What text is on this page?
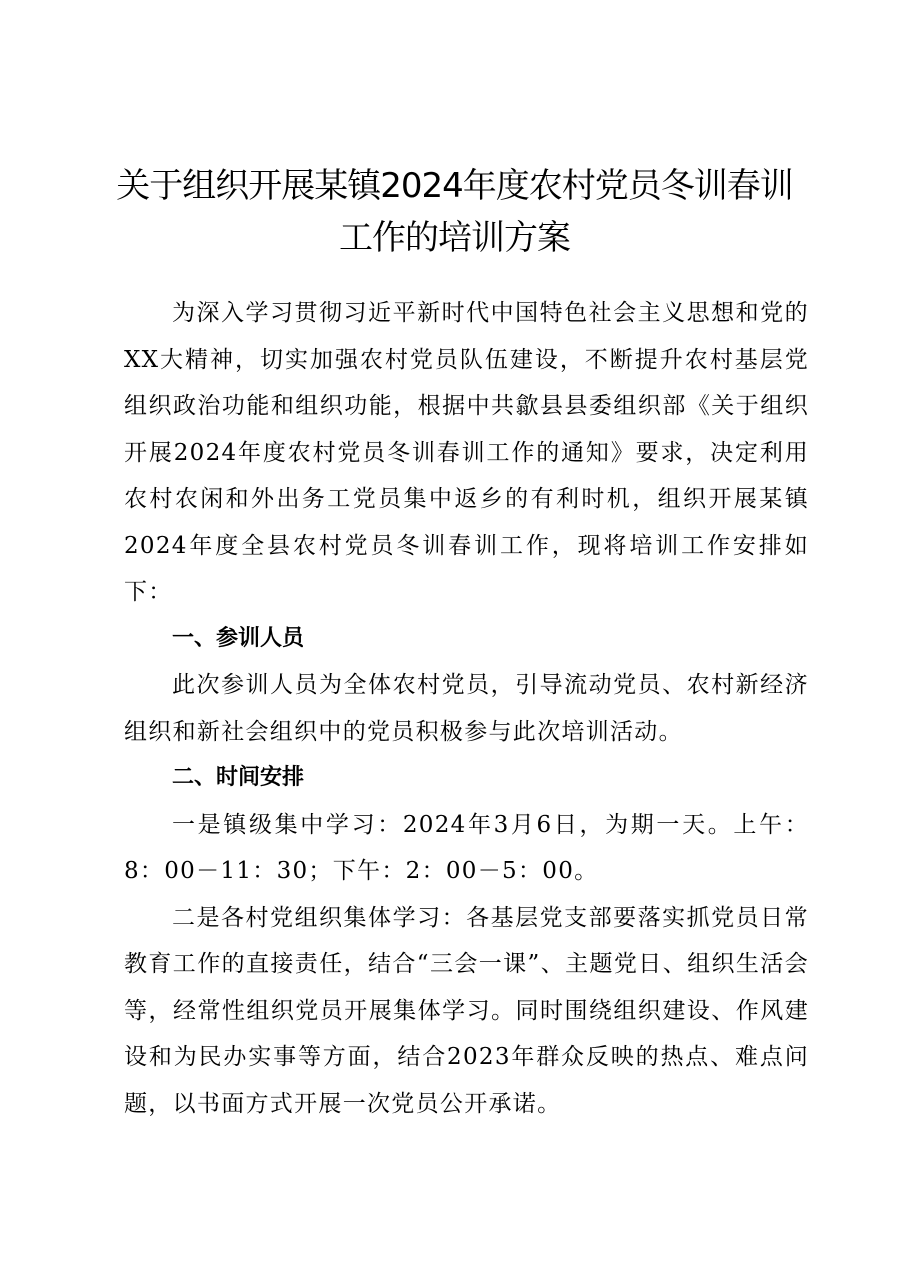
关于组织开展某镇2024年度农村党员冬训春训
工作的培训方案

为深入学习贯彻习近平新时代中国特色社会主义思想和党的XX大精神，切实加强农村党员队伍建设，不断提升农村基层党组织政治功能和组织功能，根据中共歙县县委组织部《关于组织开展2024年度农村党员冬训春训工作的通知》要求，决定利用农村农闲和外出务工党员集中返乡的有利时机，组织开展某镇2024年度全县农村党员冬训春训工作，现将培训工作安排如下：

一、参训人员

此次参训人员为全体农村党员，引导流动党员、农村新经济组织和新社会组织中的党员积极参与此次培训活动。

二、时间安排

一是镇级集中学习：2024年3月6日，为期一天。上午：8：00－11：30；下午：2：00－5：00。

二是各村党组织集体学习：各基层党支部要落实抓党员日常教育工作的直接责任，结合“三会一课”、主题党日、组织生活会等，经常性组织党员开展集体学习。同时围绕组织建设、作风建设和为民办实事等方面，结合2023年群众反映的热点、难点问题，以书面方式开展一次党员公开承诺。
